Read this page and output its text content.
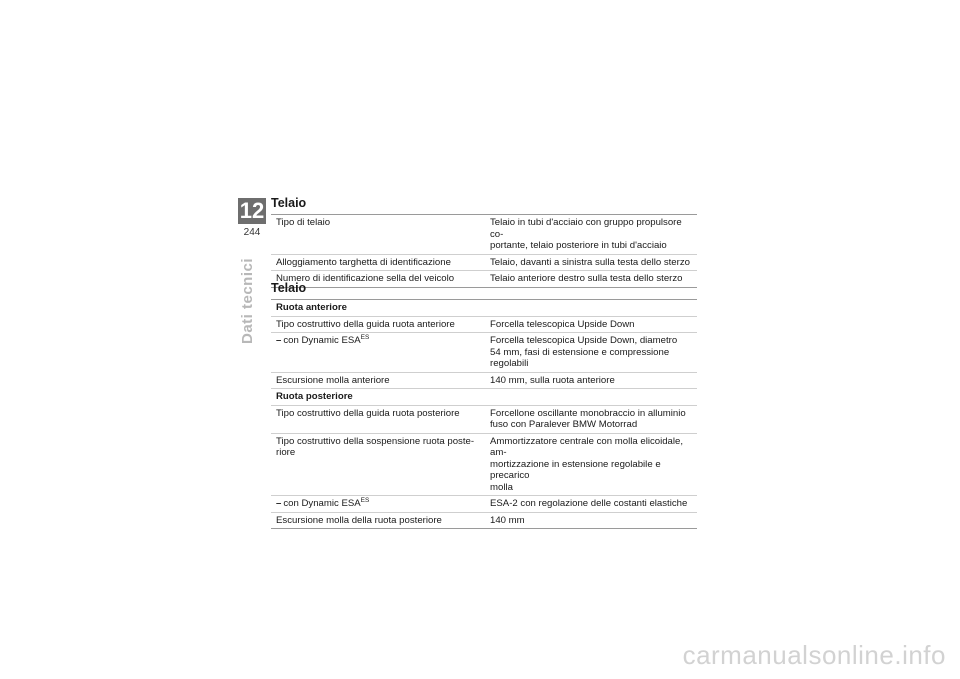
12
244
Dati tecnici
Telaio
Tipo di telaio	Telaio in tubi d'acciaio con gruppo propulsore co-
portante, telaio posteriore in tubi d'acciaio
Alloggiamento targhetta di identificazione	Telaio, davanti a sinistra sulla testa dello sterzo
Numero di identificazione sella del veicolo	Telaio anteriore destro sulla testa dello sterzo
Telaio
Ruota anteriore	
Tipo costruttivo della guida ruota anteriore	Forcella telescopica Upside Down
– con Dynamic $ESA^{ES}$	Forcella telescopica Upside Down, diametro
54 mm, fasi di estensione e compressione
regolabili
Escursione molla anteriore	140 mm, sulla ruota anteriore
Ruota posteriore	
Tipo costruttivo della guida ruota posteriore	Forcellone oscillante monobraccio in alluminio
fuso con Paralever BMW Motorrad
Tipo costruttivo della sospensione ruota poste-
riore	Ammortizzatore centrale con molla elicoidale, am-
mortizzazione in estensione regolabile e precarico
molla
– con Dynamic $ESA^{ES}$	ESA-2 con regolazione delle costanti elastiche
Escursione molla della ruota posteriore	140 mm
carmanualsonline.info
